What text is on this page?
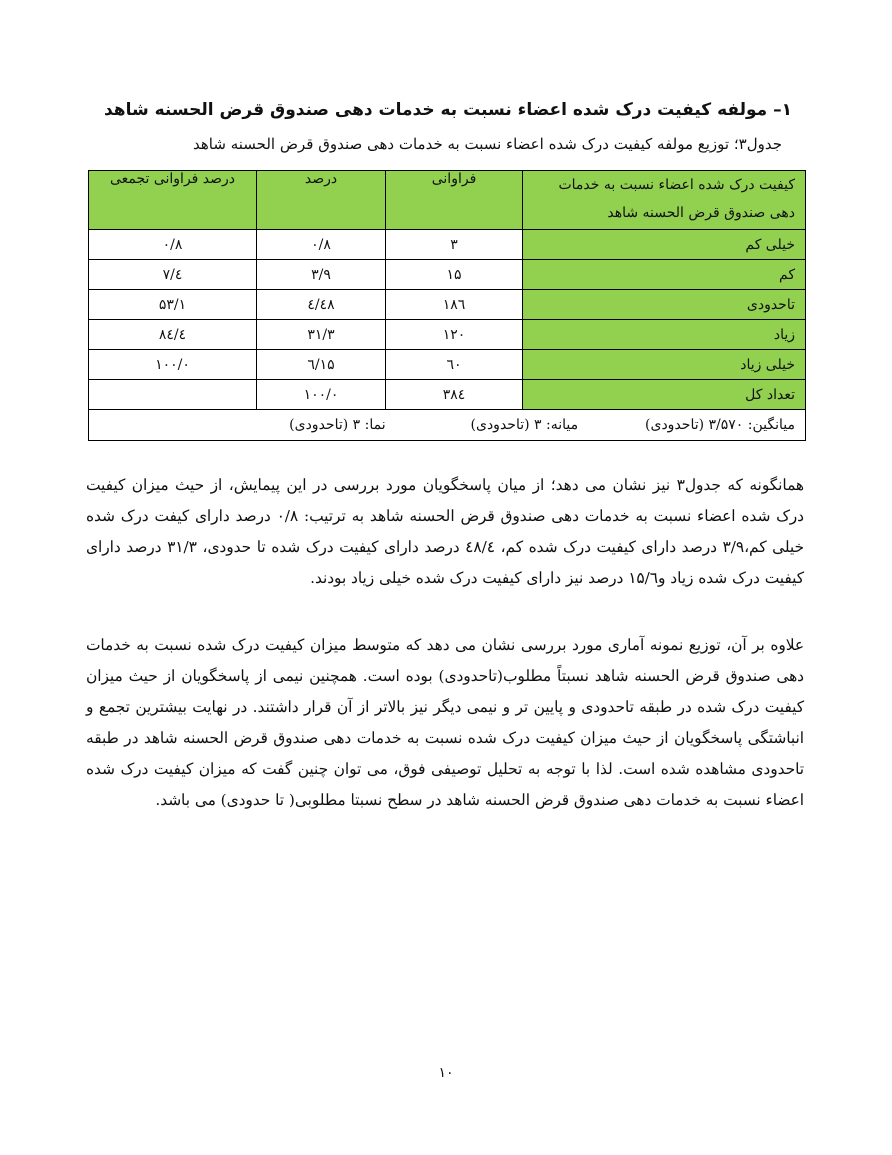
۱– مولفه کیفیت درک شده اعضاء نسبت به خدمات دهی صندوق قرض الحسنه شاهد
جدول۳؛ توزیع مولفه کیفیت درک شده اعضاء نسبت به خدمات دهی صندوق قرض الحسنه شاهد
کیفیت درک شده اعضاء نسبت به خدمات
دهی صندوق قرض الحسنه شاهد	فراوانی	درصد	درصد فراوانی تجمعی
خیلی کم	۳	۰/۸	۰/۸
کم	۱۵	۳/۹	٤/۷
تاحدودی	۱۸٦	٤۸/٤	۵۳/۱
زیاد	۱۲۰	۳۱/۳	۸٤/٤
خیلی زیاد	٦۰	۱۵/٦	۱۰۰/۰
تعداد کل	۳۸٤	۱۰۰/۰	
میانگین: ۳/۵۷۰ (تاحدودی)  میانه: ۳ (تاحدودی)  نما: ۳ (تاحدودی)			

همانگونه که جدول۳ نیز نشان می دهد؛ از میان پاسخگویان مورد بررسی در این پیمایش، از حیث میزان کیفیت درک شده اعضاء نسبت به خدمات دهی صندوق قرض الحسنه شاهد به ترتیب: ۰/۸ درصد دارای کیفت درک شده خیلی کم،۳/۹ درصد دارای کیفیت درک شده کم، ٤۸/٤ درصد دارای کیفیت درک شده تا حدودی، ۳۱/۳ درصد دارای کیفیت درک شده زیاد و۱۵/٦ درصد نیز دارای کیفیت درک شده خیلی زیاد بودند.

علاوه بر آن، توزیع نمونه آماری مورد بررسی نشان می دهد که متوسط میزان کیفیت درک شده نسبت به خدمات دهی صندوق قرض الحسنه شاهد نسبتاً مطلوب(تاحدودی) بوده است. همچنین نیمی از پاسخگویان از حیث میزان کیفیت درک شده در طبقه تاحدودی و پایین تر و نیمی دیگر نیز بالاتر از آن قرار داشتند. در نهایت بیشترین تجمع و انباشتگی پاسخگویان از حیث میزان کیفیت درک شده نسبت به خدمات دهی صندوق قرض الحسنه شاهد در طبقه تاحدودی مشاهده شده است. لذا با توجه به تحلیل توصیفی فوق، می توان چنین گفت که میزان کیفیت درک شده اعضاء نسبت به خدمات دهی صندوق قرض الحسنه شاهد در سطح نسبتا مطلوبی( تا حدودی) می باشد.

۱۰
